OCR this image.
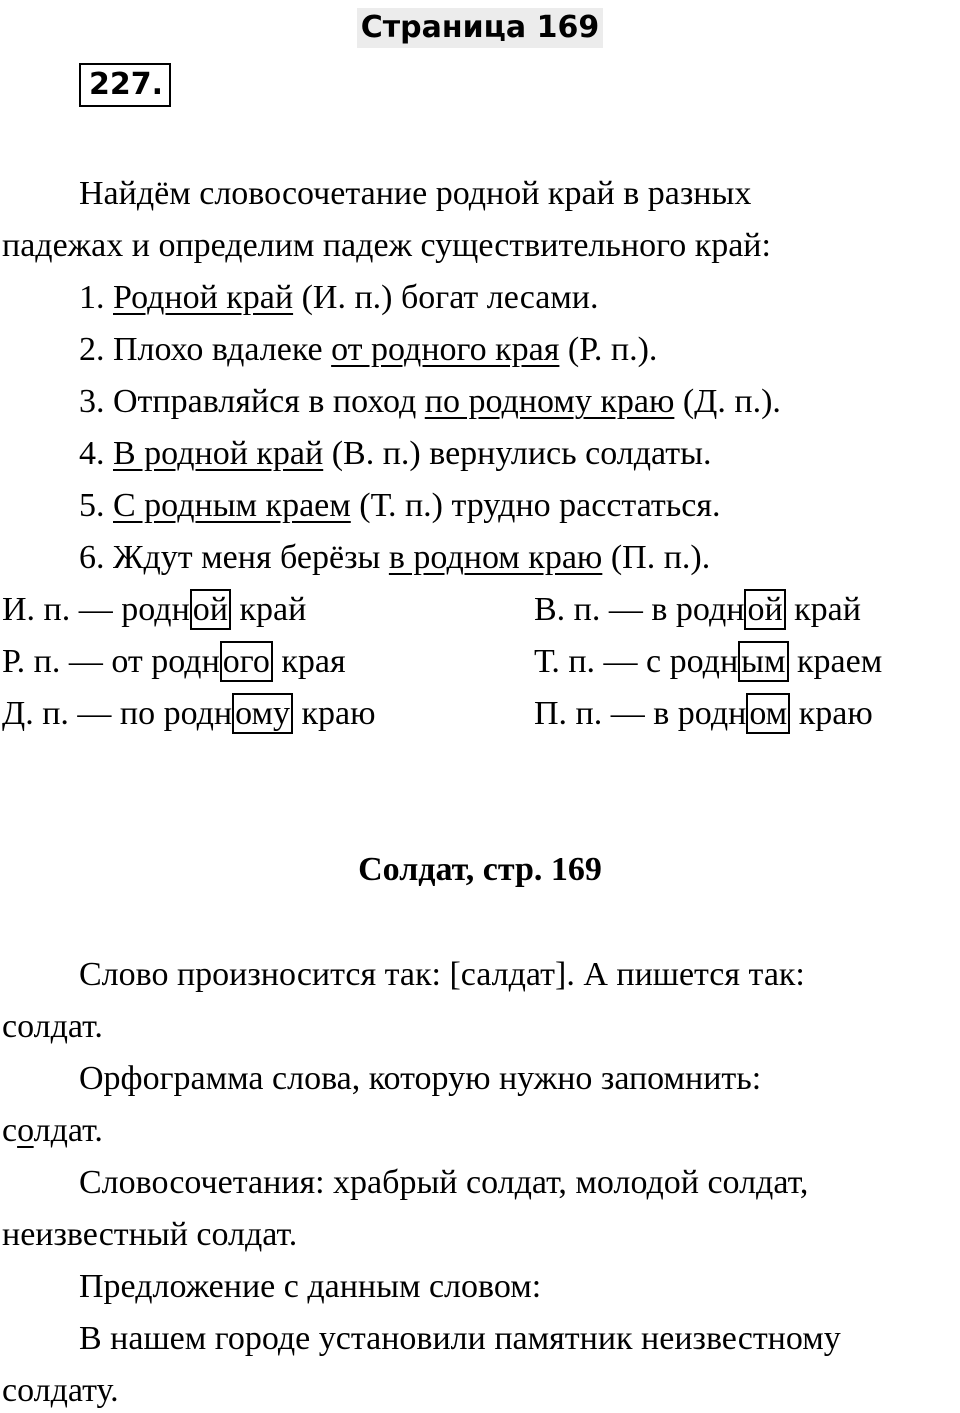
Страница 169
227.
Найдём словосочетание родной край в разных
падежах и определим падеж существительного край:
1. Родной край (И. п.) богат лесами.
2. Плохо вдалеке от родного края (Р. п.).
3. Отправляйся в поход по родному краю (Д. п.).
4. В родной край (В. п.) вернулись солдаты.
5. С родным краем (Т. п.) трудно расстаться.
6. Ждут меня берёзы в родном краю (П. п.).
И. п. — родной край
Р. п. — от родного края
Д. п. — по родному краю
В. п. — в родной край
Т. п. — с родным краем
П. п. — в родном краю
Солдат, стр. 169
Слово произносится так: [салдат]. А пишется так:
солдат.
Орфограмма слова, которую нужно запомнить:
солдат.
Словосочетания: храбрый солдат, молодой солдат,
неизвестный солдат.
Предложение с данным словом:
В нашем городе установили памятник неизвестному
солдату.
